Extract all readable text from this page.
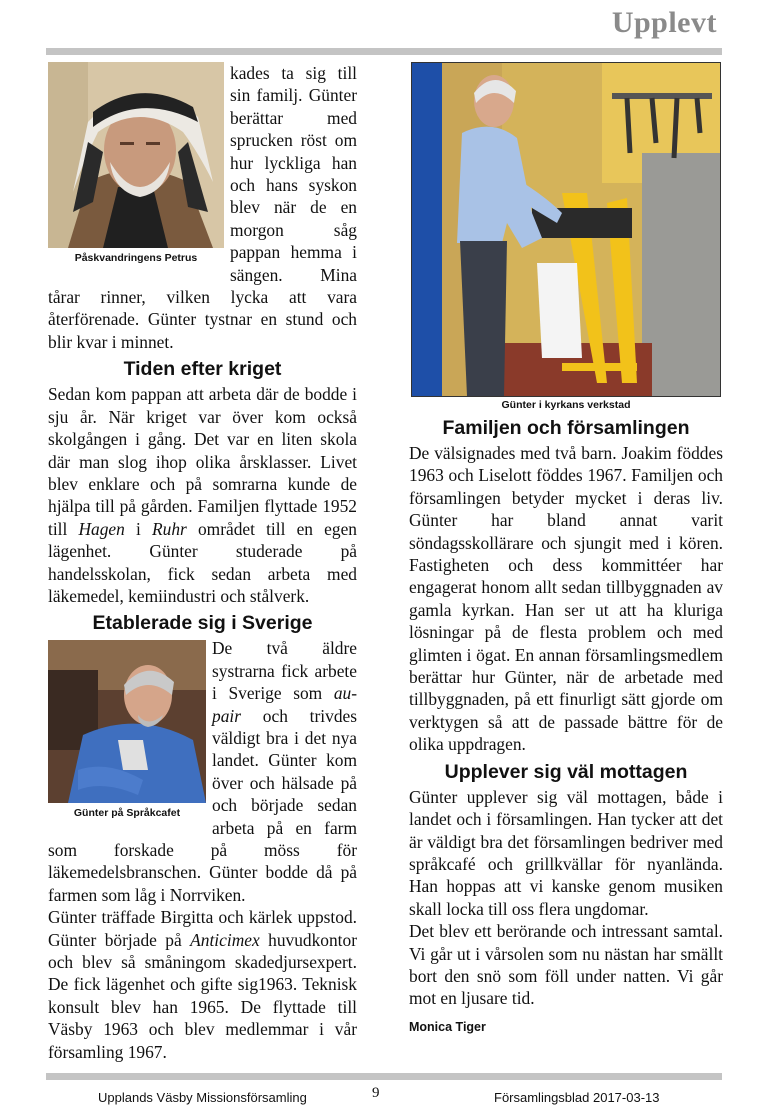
Upplevt
Påskvandringens Petrus

kades ta sig till sin familj. Günter berättar med sprucken röst om hur lyckliga han och hans syskon blev när de en morgon såg pappan hemma i sängen. Mina tårar rinner, vilken lycka att vara återförenade. Günter tystnar en stund och blir kvar i minnet.

Tiden efter kriget

Sedan kom pappan att arbeta där de bodde i sju år. När kriget var över kom också skolgången i gång. Det var en liten skola där man slog ihop olika årsklasser. Livet blev enklare och på somrarna kunde de hjälpa till på gården. Familjen flyttade 1952 till Hagen i Ruhr området till en egen lägenhet. Günter studerade på handelsskolan, fick sedan arbeta med läkemedel, kemiindustri och stålverk.

Etablerade sig i Sverige
Günter på Språkcafet

De två äldre systrarna fick arbete i Sverige som au-pair och trivdes väldigt bra i det nya landet. Günter kom över och hälsade på och började sedan arbeta på en farm som forskade på möss för läkemedelsbranschen. Günter bodde då på farmen som låg i Norrviken.

Günter träffade Birgitta och kärlek uppstod. Günter började på Anticimex huvudkontor och blev så småningom skadedjursexpert. De fick lägenhet och gifte sig1963. Teknisk konsult blev han 1965. De flyttade till Väsby 1963 och blev medlemmar i vår församling 1967.

Günter i kyrkans verkstad
Familjen och församlingen

De välsignades med två barn. Joakim föddes 1963 och Liselott föddes 1967. Familjen och församlingen betyder mycket i deras liv. Günter har bland annat varit söndagsskollärare och sjungit med i kören. Fastigheten och dess kommittéer har engagerat honom allt sedan tillbyggnaden av gamla kyrkan. Han ser ut att ha kluriga lösningar på de flesta problem och med glimten i ögat. En annan församlingsmedlem berättar hur Günter, när de arbetade med tillbyggnaden, på ett finurligt sätt gjorde om verktygen så att de passade bättre för de olika uppdragen.

Upplever sig väl mottagen

Günter upplever sig väl mottagen, både i landet och i församlingen. Han tycker att det är väldigt bra det församlingen bedriver med språkcafé och grillkvällar för nyanlända. Han hoppas att vi kanske genom musiken skall locka till oss flera ungdomar.

Det blev ett berörande och intressant samtal. Vi går ut i vårsolen som nu nästan har smällt bort den snö som föll under natten. Vi går mot en ljusare tid.

Monica Tiger
Upplands Väsby Missionsförsamling	9	Församlingsblad 2017-03-13
